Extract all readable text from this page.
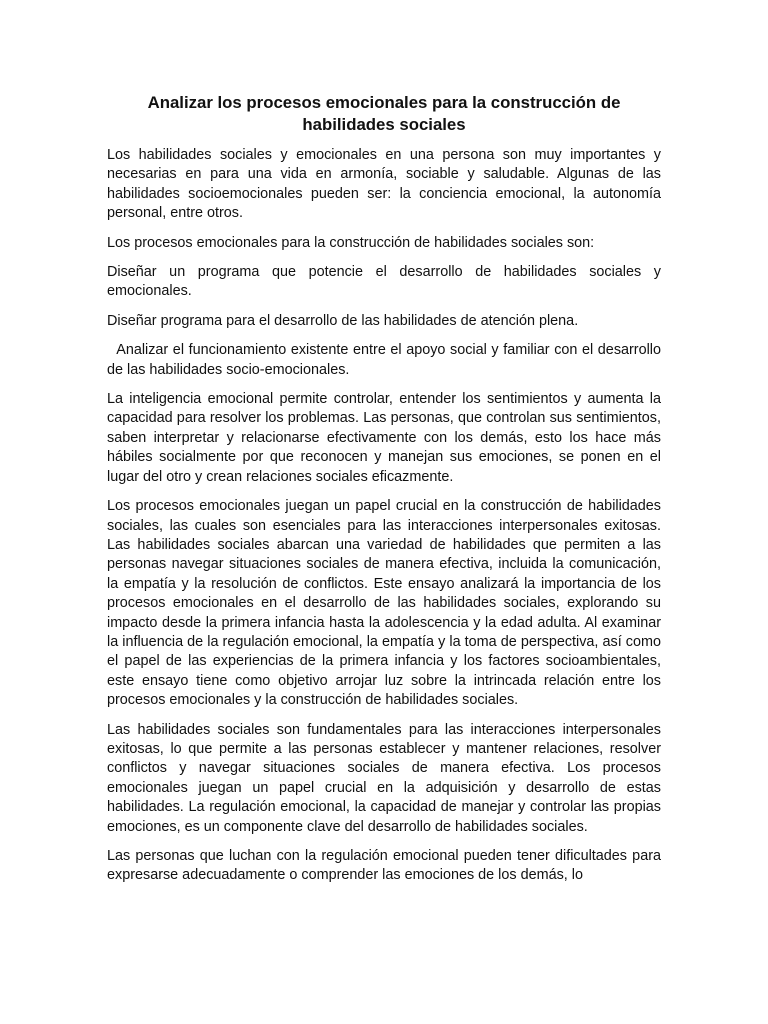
Analizar los procesos emocionales para la construcción de habilidades sociales

Los habilidades sociales y emocionales en una persona son muy importantes y necesarias en para una vida en armonía, sociable y saludable. Algunas de las habilidades socioemocionales pueden ser: la conciencia emocional, la autonomía personal, entre otros.

Los procesos emocionales para la construcción de habilidades sociales son:

Diseñar un programa que potencie el desarrollo de habilidades sociales y emocionales.

Diseñar programa para el desarrollo de las habilidades de atención plena.

Analizar el funcionamiento existente entre el apoyo social y familiar con el desarrollo de las habilidades socio-emocionales.

La inteligencia emocional permite controlar, entender los sentimientos y aumenta la capacidad para resolver los problemas. Las personas, que controlan sus sentimientos, saben interpretar y relacionarse efectivamente con los demás, esto los hace más hábiles socialmente por que reconocen y manejan sus emociones, se ponen en el lugar del otro y crean relaciones sociales eficazmente.

Los procesos emocionales juegan un papel crucial en la construcción de habilidades sociales, las cuales son esenciales para las interacciones interpersonales exitosas. Las habilidades sociales abarcan una variedad de habilidades que permiten a las personas navegar situaciones sociales de manera efectiva, incluida la comunicación, la empatía y la resolución de conflictos. Este ensayo analizará la importancia de los procesos emocionales en el desarrollo de las habilidades sociales, explorando su impacto desde la primera infancia hasta la adolescencia y la edad adulta. Al examinar la influencia de la regulación emocional, la empatía y la toma de perspectiva, así como el papel de las experiencias de la primera infancia y los factores socioambientales, este ensayo tiene como objetivo arrojar luz sobre la intrincada relación entre los procesos emocionales y la construcción de habilidades sociales.

Las habilidades sociales son fundamentales para las interacciones interpersonales exitosas, lo que permite a las personas establecer y mantener relaciones, resolver conflictos y navegar situaciones sociales de manera efectiva. Los procesos emocionales juegan un papel crucial en la adquisición y desarrollo de estas habilidades. La regulación emocional, la capacidad de manejar y controlar las propias emociones, es un componente clave del desarrollo de habilidades sociales.

Las personas que luchan con la regulación emocional pueden tener dificultades para expresarse adecuadamente o comprender las emociones de los demás, lo
